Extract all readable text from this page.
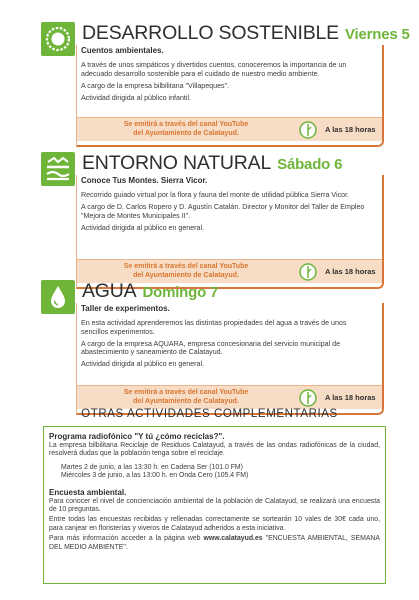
DESARROLLO SOSTENIBLE Viernes 5
Cuentos ambientales.

A través de unos simpáticos y divertidos cuentos, conoceremos la importancia de un adecuado desarrollo sostenible para el cuidado de nuestro medio ambiente.

A cargo de la empresa bilbilitana "Villapeques".

Actividad dirigida al público infantil.

Se emitirá a través del canal YouTube
del Ayuntamiento de Calatayud.	A las 18 horas
ENTORNO NATURAL Sábado 6
Conoce Tus Montes. Sierra Vicor.

Recorrido guiado virtual por la flora y fauna del monte de utilidad pública Sierra Vicor.

A cargo de D. Carlos Ropero y D. Agustín Catalán. Director y Monitor del Taller de Empleo "Mejora de Montes Municipales II".

Actividad dirigida al público en general.

Se emitirá a través del canal YouTube
del Ayuntamiento de Calatayud.	A las 18 horas
AGUA Domingo 7
Taller de experimentos.

En esta actividad aprenderemos las distintas propiedades del agua a través de unos sencillos experimentos.

A cargo de la empresa AQUARA, empresa concesionaria del servicio municipal de abastecimiento y saneamiento de Calatayud.

Actividad dirigida al público en general.

Se emitirá a través del canal YouTube
del Ayuntamiento de Calatayud.	A las 18 horas
OTRAS ACTIVIDADES COMPLEMENTARIAS
Programa radiofónico "Y tú ¿cómo reciclas?".
La empresa bilbilitana Reciclaje de Residuos Calatayud, a través de las ondas radiofónicas de la ciudad, resolverá dudas que la población tenga sobre el reciclaje.
Martes 2 de junio, a las 13:30 h. en Cadena Ser (101.0 FM)
Miércoles 3 de junio, a las 13:00 h. en Onda Cero (105.4 FM)
Encuesta ambiental.
Para conocer el nivel de concienciación ambiental de la población de Calatayud, se realizará una encuesta de 10 preguntas.
Entre todas las encuestas recibidas y rellenadas correctamente se sortearán 10 vales de 30€ cada uno, para canjear en floristerías y viveros de Calatayud adheridos a esta iniciativa.
Para más información acceder a la página web www.calatayud.es "ENCUESTA AMBIENTAL, SEMANA DEL MEDIO AMBIENTE".
